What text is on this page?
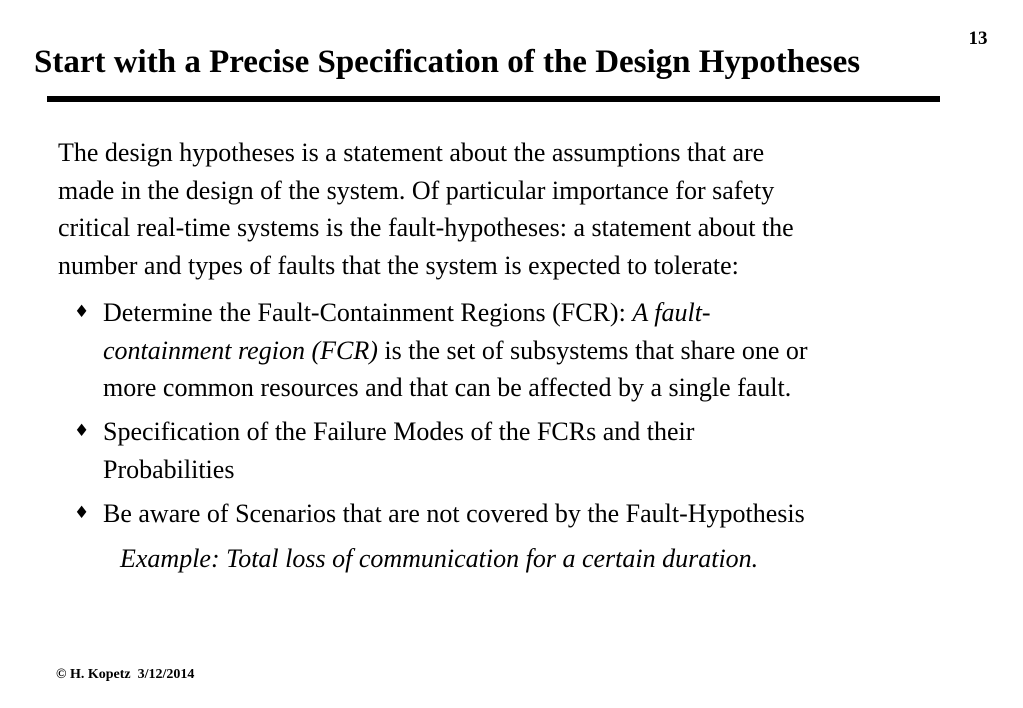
13
Start with a Precise Specification of the Design Hypotheses

The design hypotheses is a statement about the assumptions that are
made in the design of the system. Of particular importance for safety
critical real-time systems is the fault-hypotheses: a statement about the
number and types of faults that the system is expected to tolerate:

♦ Determine the Fault-Containment Regions (FCR): A fault-
containment region (FCR) is the set of subsystems that share one or
more common resources and that can be affected by a single fault.
♦ Specification of the Failure Modes of the FCRs and their
Probabilities
♦ Be aware of Scenarios that are not covered by the Fault-Hypothesis

Example: Total loss of communication for a certain duration.

© H. Kopetz  3/12/2014
